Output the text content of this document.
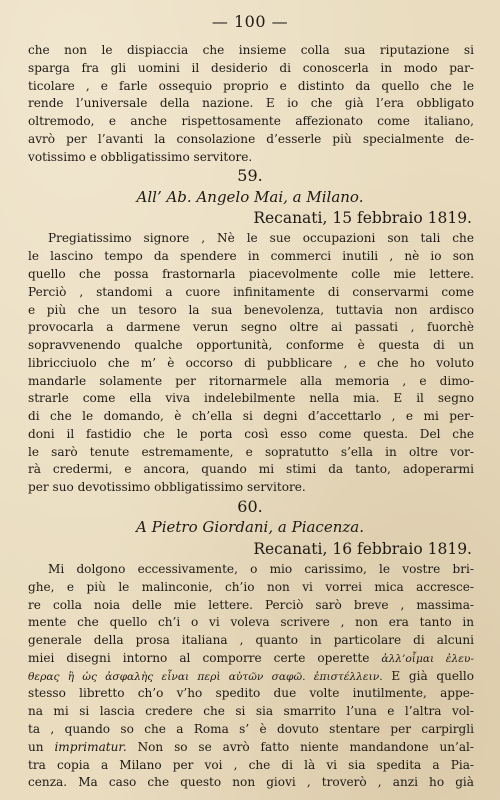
— 100 —
che non le dispiaccia che insieme colla sua riputazione si
sparga fra gli uomini il desiderio di conoscerla in modo par-
ticolare , e farle ossequio proprio e distinto da quello che le
rende l’universale della nazione. E io che già l’era obbligato
oltremodo, e anche rispettosamente affezionato come italiano,
avrò per l’avanti la consolazione d’esserle più specialmente de-
votissimo e obbligatissimo servitore.
59.
All’ Ab. Angelo Mai, a Milano.
Recanati, 15 febbraio 1819.
Pregiatissimo signore , Nè le sue occupazioni son tali che
le lascino tempo da spendere in commerci inutili , nè io son
quello che possa frastornarla piacevolmente colle mie lettere.
Perciò , standomi a cuore infinitamente di conservarmi come
e più che un tesoro la sua benevolenza, tuttavia non ardisco
provocarla a darmene verun segno oltre ai passati , fuorchè
sopravvenendo qualche opportunità, conforme è questa di un
libricciuolo che m’ è occorso di pubblicare , e che ho voluto
mandarle solamente per ritornarmele alla memoria , e dimo-
strarle come ella viva indelebilmente nella mia. E il segno
di che le domando, è ch’ella si degni d’accettarlo , e mi per-
doni il fastidio che le porta così esso come questa. Del che
le sarò tenute estremamente, e sopratutto s’ella in oltre vor-
rà credermi, e ancora, quando mi stimi da tanto, adoperarmi
per suo devotissimo obbligatissimo servitore.
60.
A Pietro Giordani, a Piacenza.
Recanati, 16 febbraio 1819.
Mi dolgono eccessivamente, o mio carissimo, le vostre bri-
ghe, e più le malinconie, ch’io non vi vorrei mica accresce-
re colla noia delle mie lettere. Perciò sarò breve , massima-
mente che quello ch’i o vi voleva scrivere , non era tanto in
generale della prosa italiana , quanto in particolare di alcuni
miei disegni intorno al comporre certe operette ἀλλ’οἷμαι ἐλευ-
θερας ἢ ὡς ἀσφαλὴς εἶναι περὶ αὐτῶν σαφῶ. ἐπιστέλλειν. E già quello
stesso libretto ch’o v’ho spedito due volte inutilmente, appe-
na mi si lascia credere che si sia smarrito l’una e l’altra vol-
ta , quando so che a Roma s’ è dovuto stentare per carpirgli
un imprimatur. Non so se avrò fatto niente mandandone un’al-
tra copia a Milano per voi , che di là vi sia spedita a Pia-
cenza. Ma caso che questo non giovi , troverò , anzi ho già
